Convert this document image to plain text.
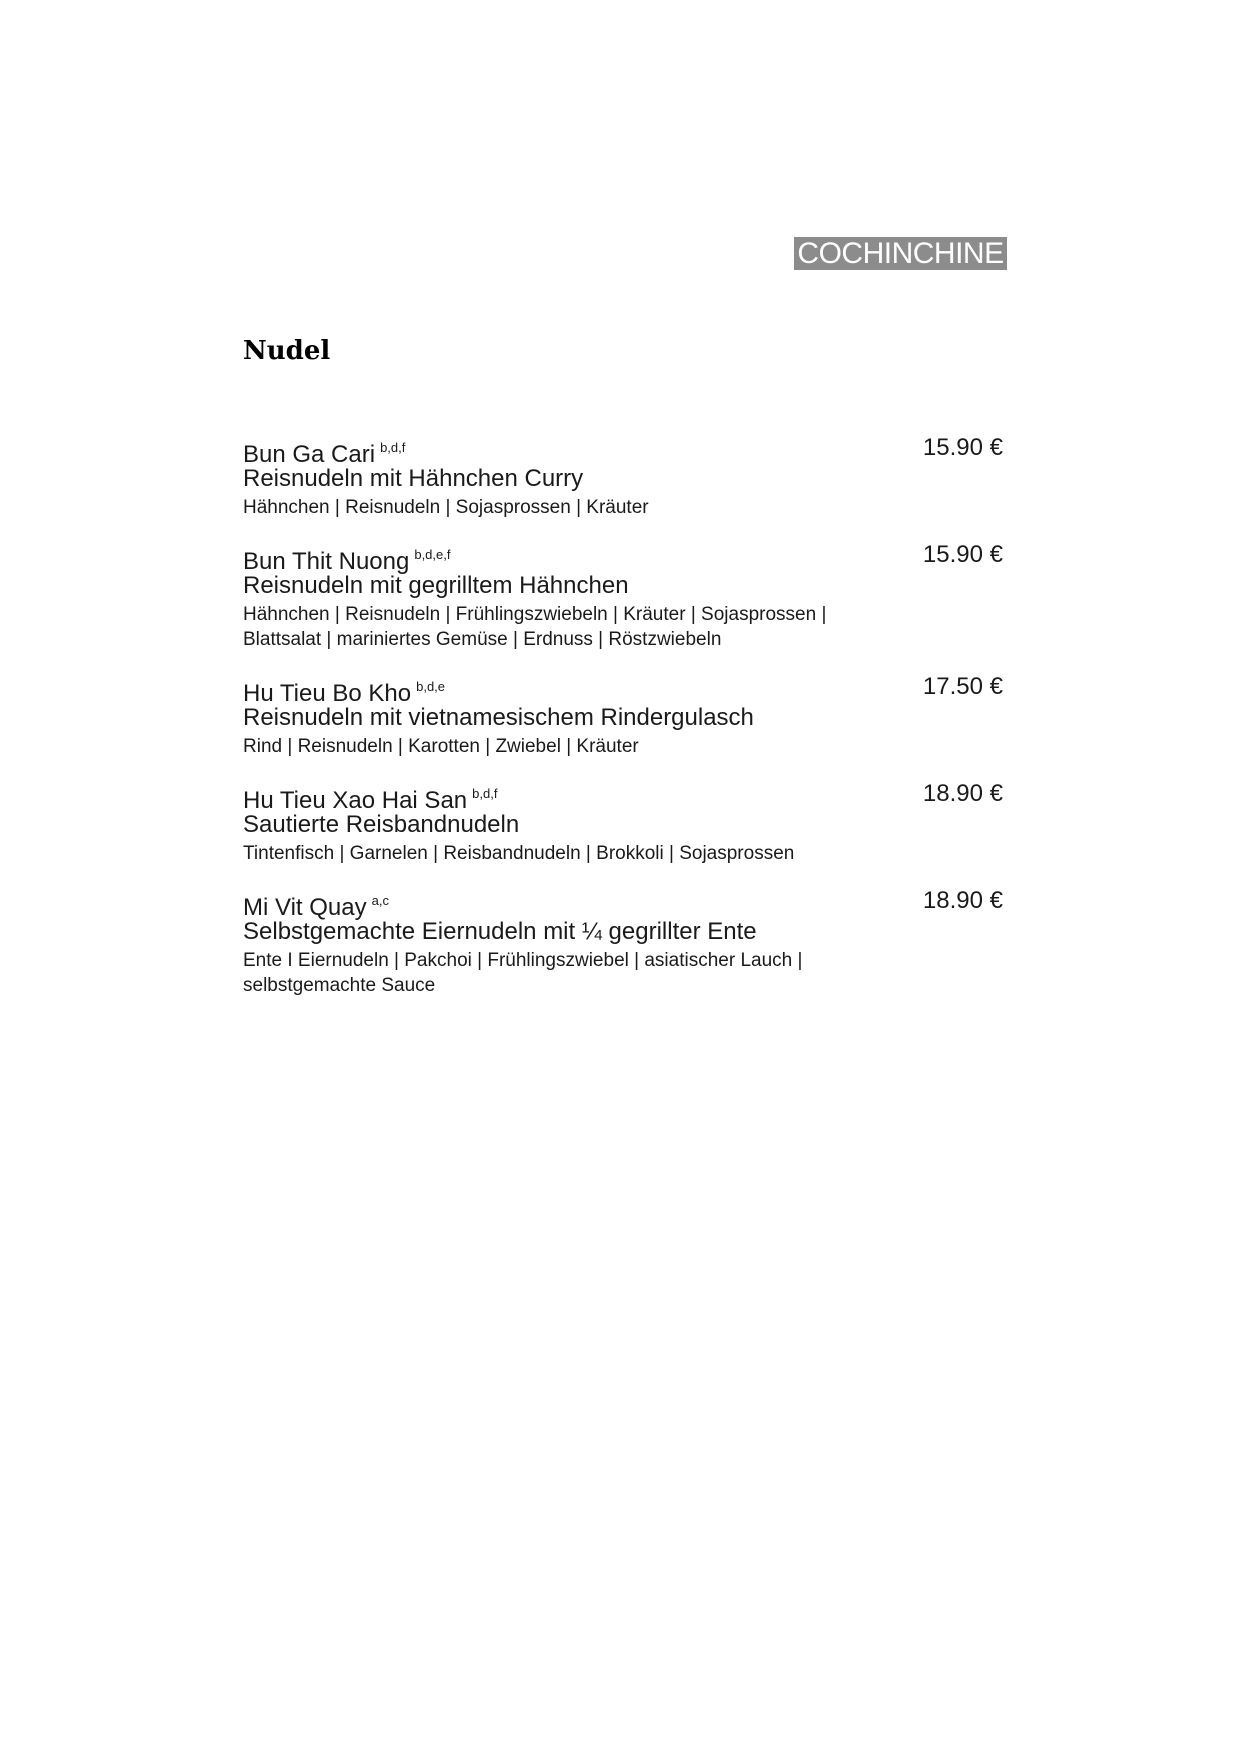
COCHINCHINE
Nudel
Bun Ga Cari $^{b,d,f}$	15.90 €
Reisnudeln mit Hähnchen Curry
Hähnchen | Reisnudeln | Sojasprossen | Kräuter
Bun Thit Nuong $^{b,d,e,f}$	15.90 €
Reisnudeln mit gegrilltem Hähnchen
Hähnchen | Reisnudeln | Frühlingszwiebeln | Kräuter | Sojasprossen | Blattsalat | mariniertes Gemüse | Erdnuss | Röstzwiebeln
Hu Tieu Bo Kho $^{b,d,e}$	17.50 €
Reisnudeln mit vietnamesischem Rindergulasch
Rind | Reisnudeln | Karotten | Zwiebel | Kräuter
Hu Tieu Xao Hai San $^{b,d,f}$	18.90 €
Sautierte Reisbandnudeln
Tintenfisch | Garnelen | Reisbandnudeln | Brokkoli | Sojasprossen
Mi Vit Quay $^{a,c}$	18.90 €
Selbstgemachte Eiernudeln mit ¼ gegrillter Ente
Ente I Eiernudeln | Pakchoi | Frühlingszwiebel | asiatischer Lauch | selbstgemachte Sauce
